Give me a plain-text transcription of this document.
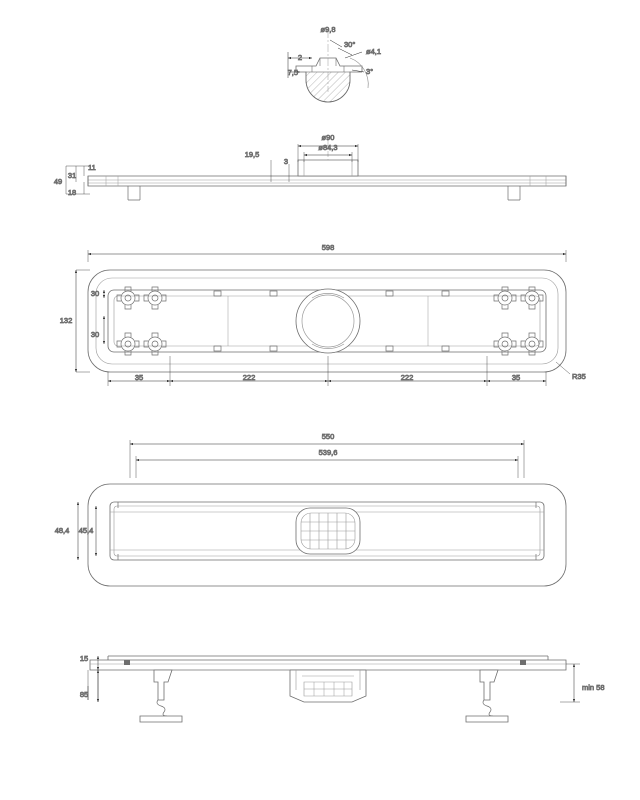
ø9,8
30°
ø4,1
3°
2
7,5
ø90
ø84,3
19,5
3
11
31
49
18
598
132
30
30
35	222	222	35	R35
550
539,6
48,4 45,4
15
85
min 58
